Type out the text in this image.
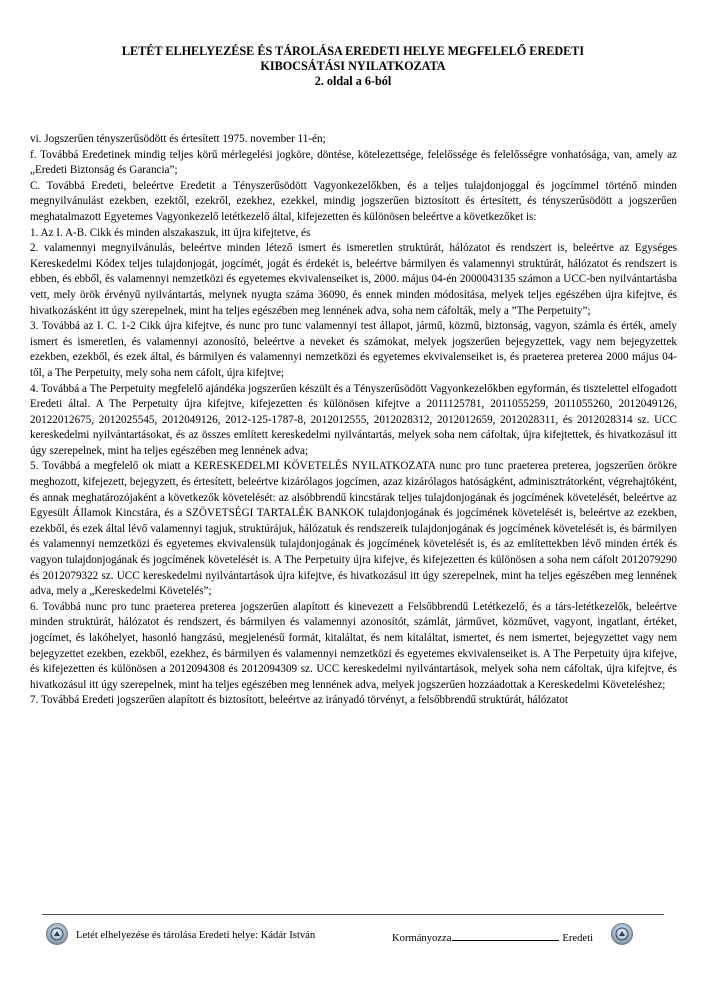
LETÉT ELHELYEZÉSE ÉS TÁROLÁSA EREDETI HELYE MEGFELELŐ EREDETI
KIBOCSÁTÁSI NYILATKOZATA
2. oldal a 6-ból

vi. Jogszerűen tényszerűsödött és értesített 1975. november 11-én;

f. Továbbá Eredetinek mindig teljes körű mérlegelési jogköre, döntése, kötelezettsége, felelőssége és felelősségre vonhatósága, van, amely az „Eredeti Biztonság és Garancia”;

C. Továbbá Eredeti, beleértve Eredetit a Tényszerűsödött Vagyonkezelőkben, és a teljes tulajdonjoggal és jogcímmel történő minden megnyilvánulást ezekben, ezektől, ezekről, ezekhez, ezekkel, mindig jogszerűen biztosított és értesített, és tényszerűsödött a jogszerűen meghatalmazott Egyetemes Vagyonkezelő letétkezelő által, kifejezetten és különösen beleértve a következőket is:

1. Az I. A-B. Cikk és minden alszakaszuk, itt újra kifejtetve, és

2. valamennyi megnyilvánulás, beleértve minden létező ismert és ismeretlen struktúrát, hálózatot és rendszert is, beleértve az Egységes Kereskedelmi Kódex teljes tulajdonjogát, jogcímét, jogát és érdekét is, beleértve bármilyen és valamennyi struktúrát, hálózatot és rendszert is ebben, és ebből, és valamennyi nemzetközi és egyetemes ekvivalenseiket is, 2000. május 04-én 2000043135 számon a UCC-ben nyilvántartásba vett, mely örök érvényű nyilvántartás, melynek nyugta száma 36090, és ennek minden módosítása, melyek teljes egészében újra kifejtve, és hivatkozásként itt úgy szerepelnek, mint ha teljes egészében meg lennének adva, soha nem cáfolták, mely a ”The Perpetuity”;

3. Továbbá az I. C. 1-2 Cikk újra kifejtve, és nunc pro tunc valamennyi test állapot, jármű, közmű, biztonság, vagyon, számla és érték, amely ismert és ismeretlen, és valamennyi azonosító, beleértve a neveket és számokat, melyek jogszerűen bejegyzettek, vagy nem bejegyzettek ezekben, ezekből, és ezek által, és bármilyen és valamennyi nemzetközi és egyetemes ekvivalenseiket is, és praeterea preterea 2000 május 04-től, a The Perpetuity, mely soha nem cáfolt, újra kifejtve;

4. Továbbá a The Perpetuity megfelelő ajándéka jogszerűen készült és a Tényszerűsödött Vagyonkezelőkben egyformán, és tisztelettel elfogadott Eredeti által. A The Perpetuity újra kifejtve, kifejezetten és különösen kifejtve a 2011125781, 2011055259, 2011055260, 2012049126, 20122012675, 2012025545, 2012049126, 2012-125-1787-8, 2012012555, 2012028312, 2012012659, 2012028311, és 2012028314 sz. UCC kereskedelmi nyilvántartásokat, és az összes említett kereskedelmi nyilvántartás, melyek soha nem cáfoltak, újra kifejtettek, és hivatkozásul itt úgy szerepelnek, mint ha teljes egészében meg lennének adva;

5. Továbbá a megfelelő ok miatt a KERESKEDELMI KÖVETELÉS NYILATKOZATA nunc pro tunc praeterea preterea, jogszerűen örökre meghozott, kifejezett, bejegyzett, és értesített, beleértve kizárólagos jogcímen, azaz kizárólagos hatóságként, adminisztrátorként, végrehajtóként, és annak meghatározójaként a következők követelését: az alsóbbrendű kincstárak teljes tulajdonjogának és jogcímének követelését, beleértve az Egyesült Államok Kincstára, és a SZÖVETSÉGI TARTALÉK BANKOK tulajdonjogának és jogcímének követelését is, beleértve az ezekben, ezekből, és ezek által lévő valamennyi tagjuk, struktúrájuk, hálózatuk és rendszereik tulajdonjogának és jogcímének követelését is, és bármilyen és valamennyi nemzetközi és egyetemes ekvivalensük tulajdonjogának és jogcímének követelését is, és az említettekben lévő minden érték és vagyon tulajdonjogának és jogcímének követelését is. A The Perpetuity újra kifejve, és kifejezetten és különösen a soha nem cáfolt 2012079290 és 2012079322 sz. UCC kereskedelmi nyilvántartások újra kifejtve, és hivatkozásul itt úgy szerepelnek, mint ha teljes egészében meg lennének adva, mely a „Kereskedelmi Követelés”;

6. Továbbá nunc pro tunc praeterea preterea jogszerűen alapított és kinevezett a Felsőbbrendű Letétkezelő, és a társ-letétkezelők, beleértve minden struktúrát, hálózatot és rendszert, és bármilyen és valamennyi azonosítót, számlát, járművet, közművet, vagyont, ingatlant, értéket, jogcímet, és lakóhelyet, hasonló hangzású, megjelenésű formát, kitaláltat, és nem kitaláltat, ismertet, és nem ismertet, bejegyzettet vagy nem bejegyzettet ezekben, ezekből, ezekhez, és bármilyen és valamennyi nemzetközi és egyetemes ekvivalenseiket is. A The Perpetuity újra kifejve, és kifejezetten és különösen a 2012094308 és 2012094309 sz. UCC kereskedelmi nyilvántartások, melyek soha nem cáfoltak, újra kifejtve, és hivatkozásul itt úgy szerepelnek, mint ha teljes egészében meg lennének adva, melyek jogszerűen hozzáadottak a Kereskedelmi Követeléshez;

7. Továbbá Eredeti jogszerűen alapított és biztosított, beleértve az irányadó törvényt, a felsőbbrendű struktúrát, hálózatot

Letét elhelyezése és tárolása Eredeti helye: Kádár István	Kormányozza	Eredeti
